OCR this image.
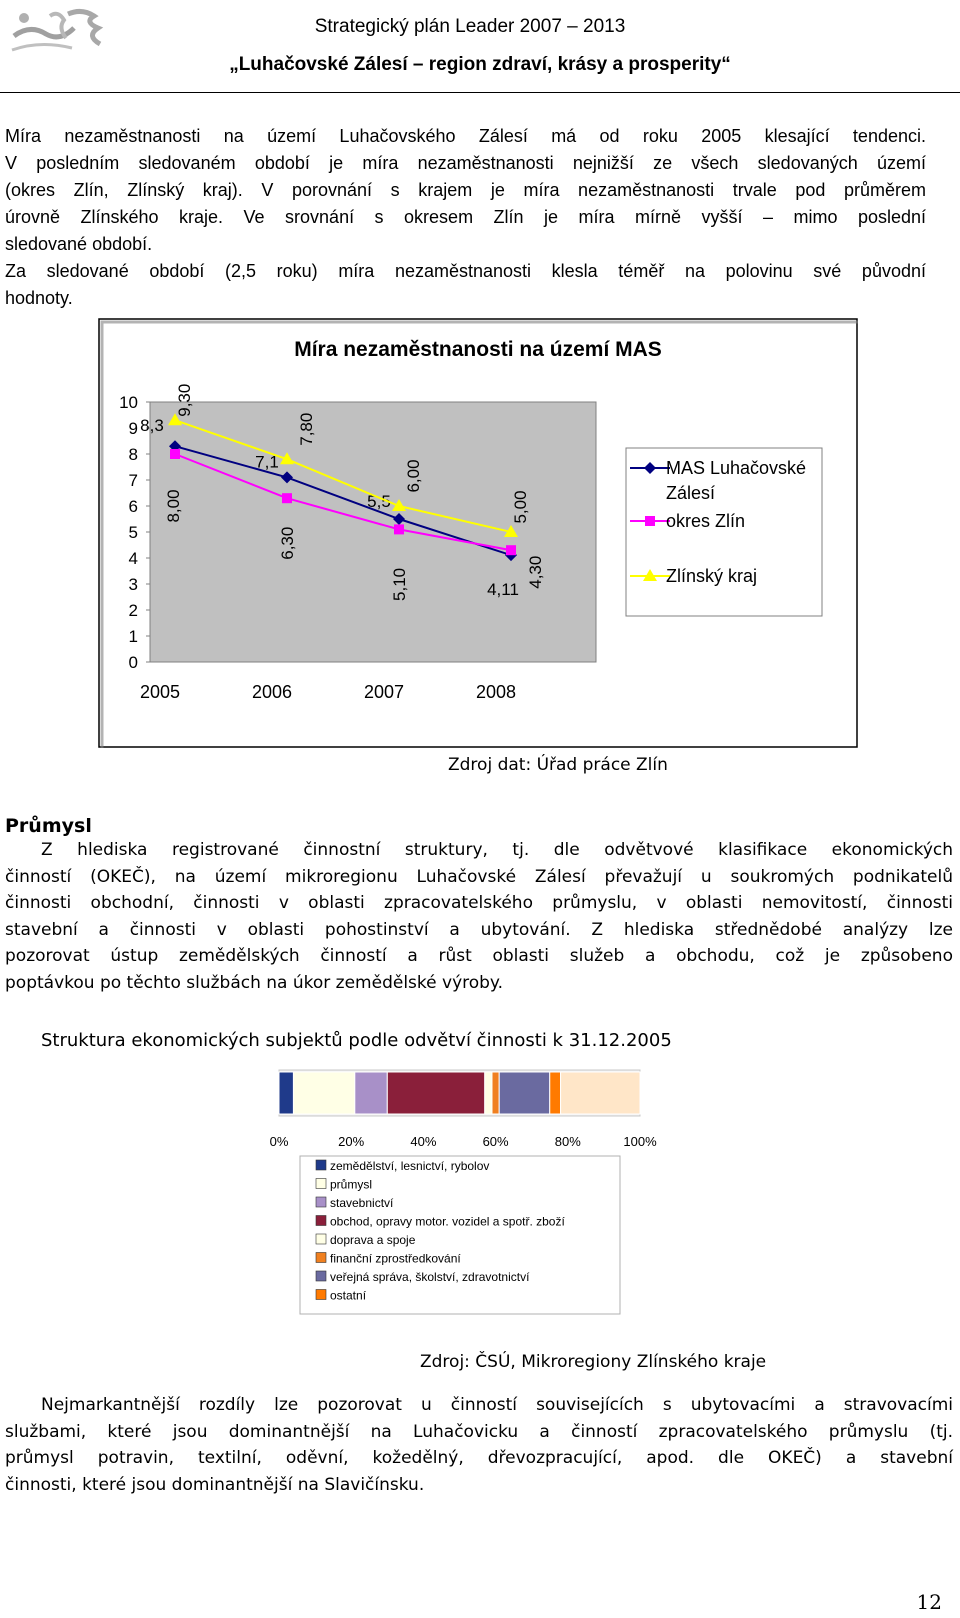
Strategický plán Leader 2007 – 2013
„Luhačovské Zálesí – region zdraví, krásy a prosperity“
Míra nezaměstnanosti na území Luhačovského Zálesí má od roku 2005 klesající tendenci.
V posledním sledovaném období je míra nezaměstnanosti nejnižší ze všech sledovaných území
(okres Zlín, Zlínský kraj). V porovnání s krajem je míra nezaměstnanosti trvale pod průměrem
úrovně Zlínského kraje. Ve srovnání s okresem Zlín je míra mírně vyšší – mimo poslední
sledované období.
Za sledované období (2,5 roku) míra nezaměstnanosti klesla téměř na polovinu své původní
hodnoty.
Míra nezaměstnanosti na území MAS
10
9
8
7
6
5
4
3
2
1
0
2005	2006	2007	2008
8,3
7,1
5,5
4,11
8,00
6,30
5,10	4,30
9,30
7,80
6,00
5,00
MAS Luhačovské Zálesí
okres Zlín
Zlínský kraj
Zdroj dat: Úřad práce Zlín
Průmysl
Z hlediska registrované činnostní struktury, tj. dle odvětvové klasifikace ekonomických
činností (OKEČ), na území mikroregionu Luhačovské Zálesí převažují u soukromých podnikatelů
činnosti obchodní, činnosti v oblasti zpracovatelského průmyslu, v oblasti nemovitostí, činnosti
stavební a činnosti v oblasti pohostinství a ubytování. Z hlediska střednědobé analýzy lze
pozorovat ústup zemědělských činností a růst oblasti služeb a obchodu, což je způsobeno
poptávkou po těchto službách na úkor zemědělské výroby.
Struktura ekonomických subjektů podle odvětví činnosti k 31.12.2005
0%	20%	40%	60%	80%	100%
zemědělství, lesnictví, rybolov
průmysl
stavebnictví
obchod, opravy motor. vozidel a spotř. zboží
doprava a spoje
finanční zprostředkování
veřejná správa, školství, zdravotnictví
ostatní
Zdroj: ČSÚ, Mikroregiony Zlínského kraje
Nejmarkantnější rozdíly lze pozorovat u činností souvisejících s ubytovacími a stravovacími
službami, které jsou dominantnější na Luhačovicku a činností zpracovatelského průmyslu (tj.
průmysl potravin, textilní, oděvní, kožedělný, dřevozpracující, apod. dle OKEČ) a stavební
činnosti, které jsou dominantnější na Slavičínsku.
12
